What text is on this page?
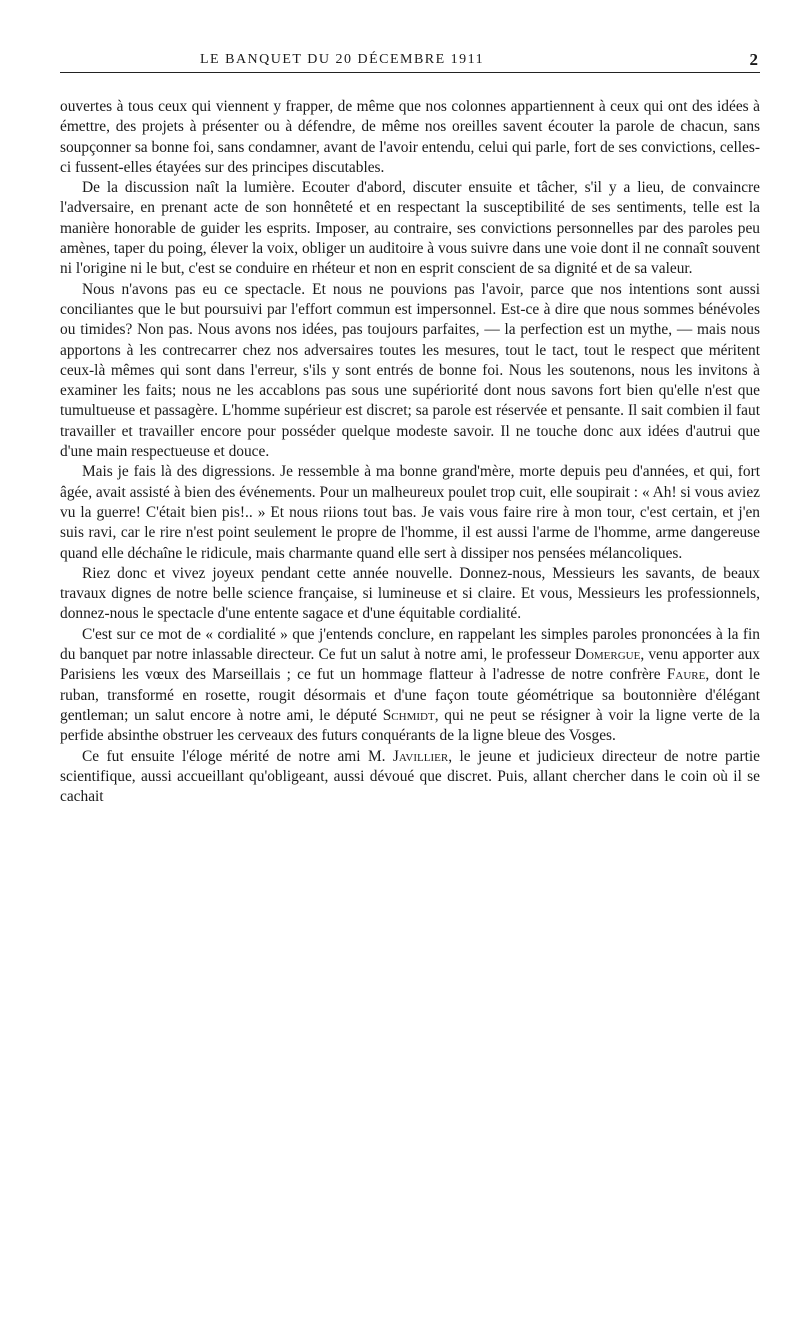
LE BANQUET DU 20 DÉCEMBRE 1911	2

ouvertes à tous ceux qui viennent y frapper, de même que nos colonnes appartiennent à ceux qui ont des idées à émettre, des projets à présenter ou à défendre, de même nos oreilles savent écouter la parole de chacun, sans soupçonner sa bonne foi, sans condamner, avant de l'avoir entendu, celui qui parle, fort de ses convictions, celles-ci fussent-elles étayées sur des principes discutables.

De la discussion naît la lumière. Ecouter d'abord, discuter ensuite et tâcher, s'il y a lieu, de convaincre l'adversaire, en prenant acte de son honnêteté et en respectant la susceptibilité de ses sentiments, telle est la manière honorable de guider les esprits. Imposer, au contraire, ses convictions personnelles par des paroles peu amènes, taper du poing, élever la voix, obliger un auditoire à vous suivre dans une voie dont il ne connaît souvent ni l'origine ni le but, c'est se conduire en rhéteur et non en esprit conscient de sa dignité et de sa valeur.

Nous n'avons pas eu ce spectacle. Et nous ne pouvions pas l'avoir, parce que nos intentions sont aussi conciliantes que le but poursuivi par l'effort commun est impersonnel. Est-ce à dire que nous sommes bénévoles ou timides? Non pas. Nous avons nos idées, pas toujours parfaites, — la perfection est un mythe, — mais nous apportons à les contrecarrer chez nos adversaires toutes les mesures, tout le tact, tout le respect que méritent ceux-là mêmes qui sont dans l'erreur, s'ils y sont entrés de bonne foi. Nous les soutenons, nous les invitons à examiner les faits; nous ne les accablons pas sous une supériorité dont nous savons fort bien qu'elle n'est que tumultueuse et passagère. L'homme supérieur est discret; sa parole est réservée et pensante. Il sait combien il faut travailler et travailler encore pour posséder quelque modeste savoir. Il ne touche donc aux idées d'autrui que d'une main respectueuse et douce.

Mais je fais là des digressions. Je ressemble à ma bonne grand'mère, morte depuis peu d'années, et qui, fort âgée, avait assisté à bien des événements. Pour un malheureux poulet trop cuit, elle soupirait : « Ah! si vous aviez vu la guerre! C'était bien pis!.. » Et nous riions tout bas. Je vais vous faire rire à mon tour, c'est certain, et j'en suis ravi, car le rire n'est point seulement le propre de l'homme, il est aussi l'arme de l'homme, arme dangereuse quand elle déchaîne le ridicule, mais charmante quand elle sert à dissiper nos pensées mélancoliques.

Riez donc et vivez joyeux pendant cette année nouvelle. Donnez-nous, Messieurs les savants, de beaux travaux dignes de notre belle science française, si lumineuse et si claire. Et vous, Messieurs les professionnels, donnez-nous le spectacle d'une entente sagace et d'une équitable cordialité.

C'est sur ce mot de « cordialité » que j'entends conclure, en rappelant les simples paroles prononcées à la fin du banquet par notre inlassable directeur. Ce fut un salut à notre ami, le professeur Domergue, venu apporter aux Parisiens les vœux des Marseillais ; ce fut un hommage flatteur à l'adresse de notre confrère Faure, dont le ruban, transformé en rosette, rougit désormais et d'une façon toute géométrique sa boutonnière d'élégant gentleman; un salut encore à notre ami, le député Schmidt, qui ne peut se résigner à voir la ligne verte de la perfide absinthe obstruer les cerveaux des futurs conquérants de la ligne bleue des Vosges.

Ce fut ensuite l'éloge mérité de notre ami M. Javillier, le jeune et judicieux directeur de notre partie scientifique, aussi accueillant qu'obligeant, aussi dévoué que discret. Puis, allant chercher dans le coin où il se cachait
